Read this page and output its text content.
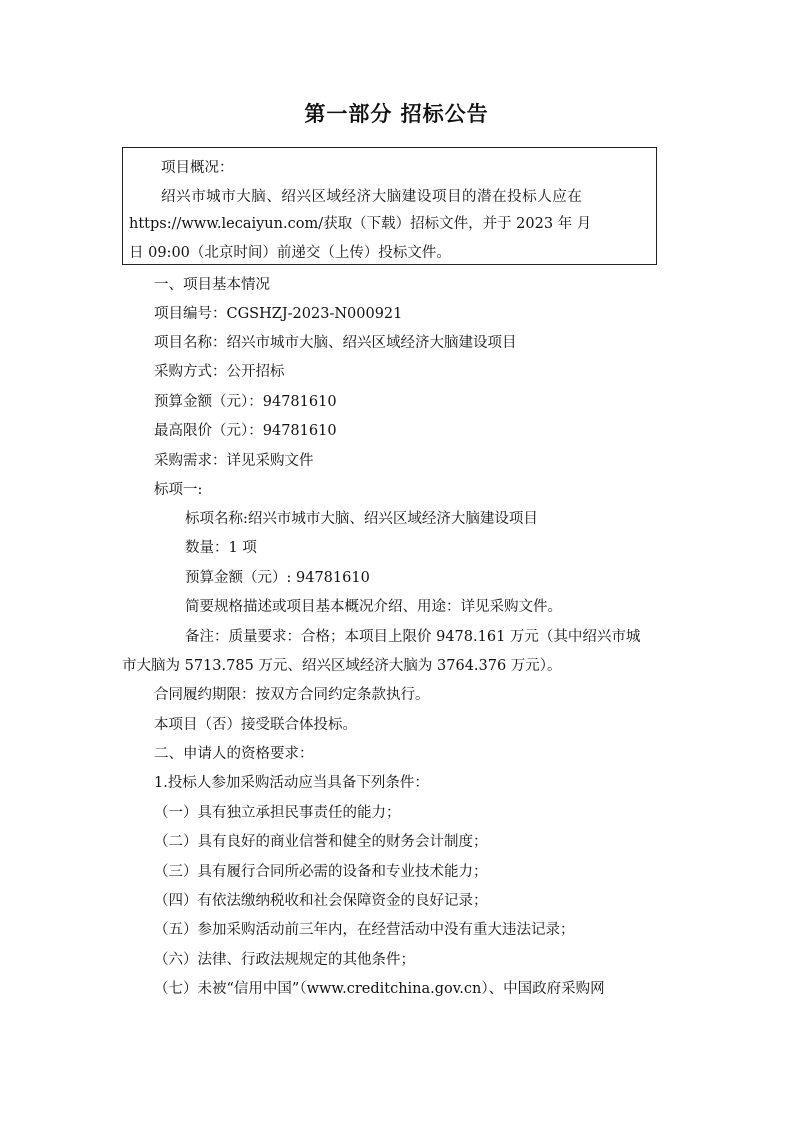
第一部分 招标公告
项目概况：
绍兴市城市大脑、绍兴区域经济大脑建设项目的潜在投标人应在
https://www.lecaiyun.com/获取（下载）招标文件，并于 2023 年 月
日 09:00（北京时间）前递交（上传）投标文件。
一、项目基本情况
项目编号：CGSHZJ-2023-N000921
项目名称：绍兴市城市大脑、绍兴区域经济大脑建设项目
采购方式：公开招标
预算金额（元）：94781610
最高限价（元）：94781610
采购需求：详见采购文件
标项一:
标项名称:绍兴市城市大脑、绍兴区域经济大脑建设项目
数量：1 项
预算金额（元）: 94781610
简要规格描述或项目基本概况介绍、用途：详见采购文件。
备注：质量要求：合格；本项目上限价 9478.161 万元（其中绍兴市城
市大脑为 5713.785 万元、绍兴区域经济大脑为 3764.376 万元）。
合同履约期限：按双方合同约定条款执行。
本项目（否）接受联合体投标。
二、申请人的资格要求：
1.投标人参加采购活动应当具备下列条件：
（一）具有独立承担民事责任的能力；
（二）具有良好的商业信誉和健全的财务会计制度；
（三）具有履行合同所必需的设备和专业技术能力；
（四）有依法缴纳税收和社会保障资金的良好记录；
（五）参加采购活动前三年内，在经营活动中没有重大违法记录；
（六）法律、行政法规规定的其他条件；
（七）未被“信用中国”（www.creditchina.gov.cn）、中国政府采购网
